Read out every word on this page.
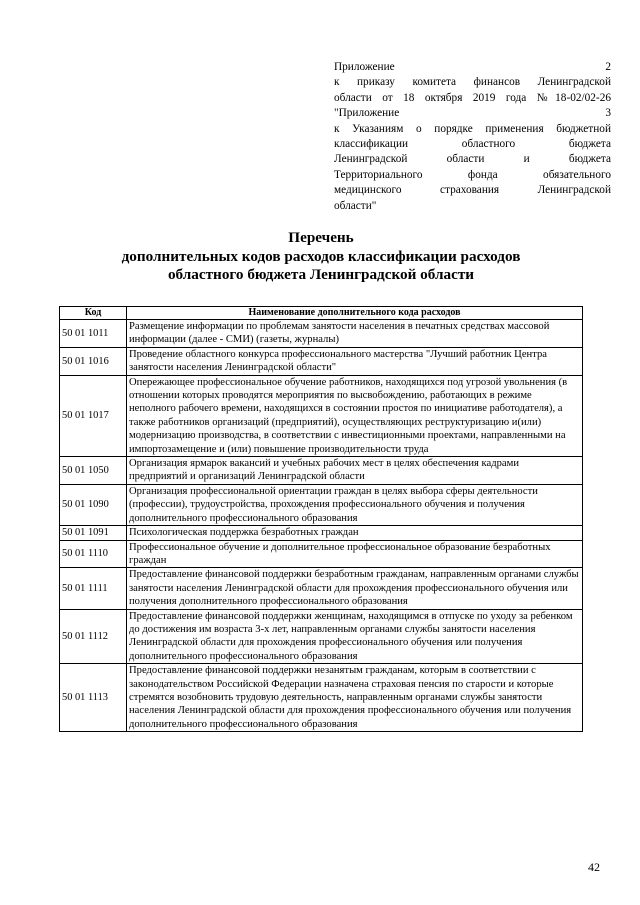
Приложение 2
к приказу комитета финансов Ленинградской
области от 18 октября 2019 года №18-02/02-26
"Приложение 3
к Указаниям о порядке применения бюджетной
классификации областного бюджета
Ленинградской области и бюджета
Территориального фонда обязательного
медицинского страхования Ленинградской
области"
Перечень
дополнительных кодов расходов классификации расходов
областного бюджета Ленинградской области
Код	Наименование дополнительного кода расходов
50 01 1011	Размещение информации по проблемам занятости населения в печатных средствах массовой информации (далее - СМИ) (газеты, журналы)
50 01 1016	Проведение областного конкурса профессионального мастерства "Лучший работник Центра занятости населения Ленинградской области"
50 01 1017	Опережающее профессиональное обучение работников, находящихся под угрозой увольнения (в отношении которых проводятся мероприятия по высвобождению, работающих в режиме неполного рабочего времени, находящихся в состоянии простоя по инициативе работодателя), а также работников организаций (предприятий), осуществляющих реструктуризацию и(или) модернизацию производства, в соответствии с инвестиционными проектами, направленными на импортозамещение и (или) повышение производительности труда
50 01 1050	Организация ярмарок вакансий и учебных рабочих мест в целях обеспечения кадрами предприятий и организаций Ленинградской области
50 01 1090	Организация профессиональной ориентации граждан в целях выбора сферы деятельности (профессии), трудоустройства, прохождения профессионального обучения и получения дополнительного профессионального образования
50 01 1091	Психологическая поддержка безработных граждан
50 01 1110	Профессиональное обучение и дополнительное профессиональное образование безработных граждан
50 01 1111	Предоставление финансовой поддержки безработным гражданам, направленным органами службы занятости населения Ленинградской области для прохождения профессионального обучения или получения дополнительного профессионального образования
50 01 1112	Предоставление финансовой поддержки женщинам, находящимся в отпуске по уходу за ребенком до достижения им возраста 3-х лет, направленным органами службы занятости населения Ленинградской области для прохождения профессионального обучения или получения дополнительного профессионального образования
50 01 1113	Предоставление финансовой поддержки незанятым гражданам, которым в соответствии с законодательством Российской Федерации назначена страховая пенсия по старости и которые стремятся возобновить трудовую деятельность, направленным органами службы занятости населения Ленинградской области для прохождения профессионального обучения или получения дополнительного профессионального образования
42
